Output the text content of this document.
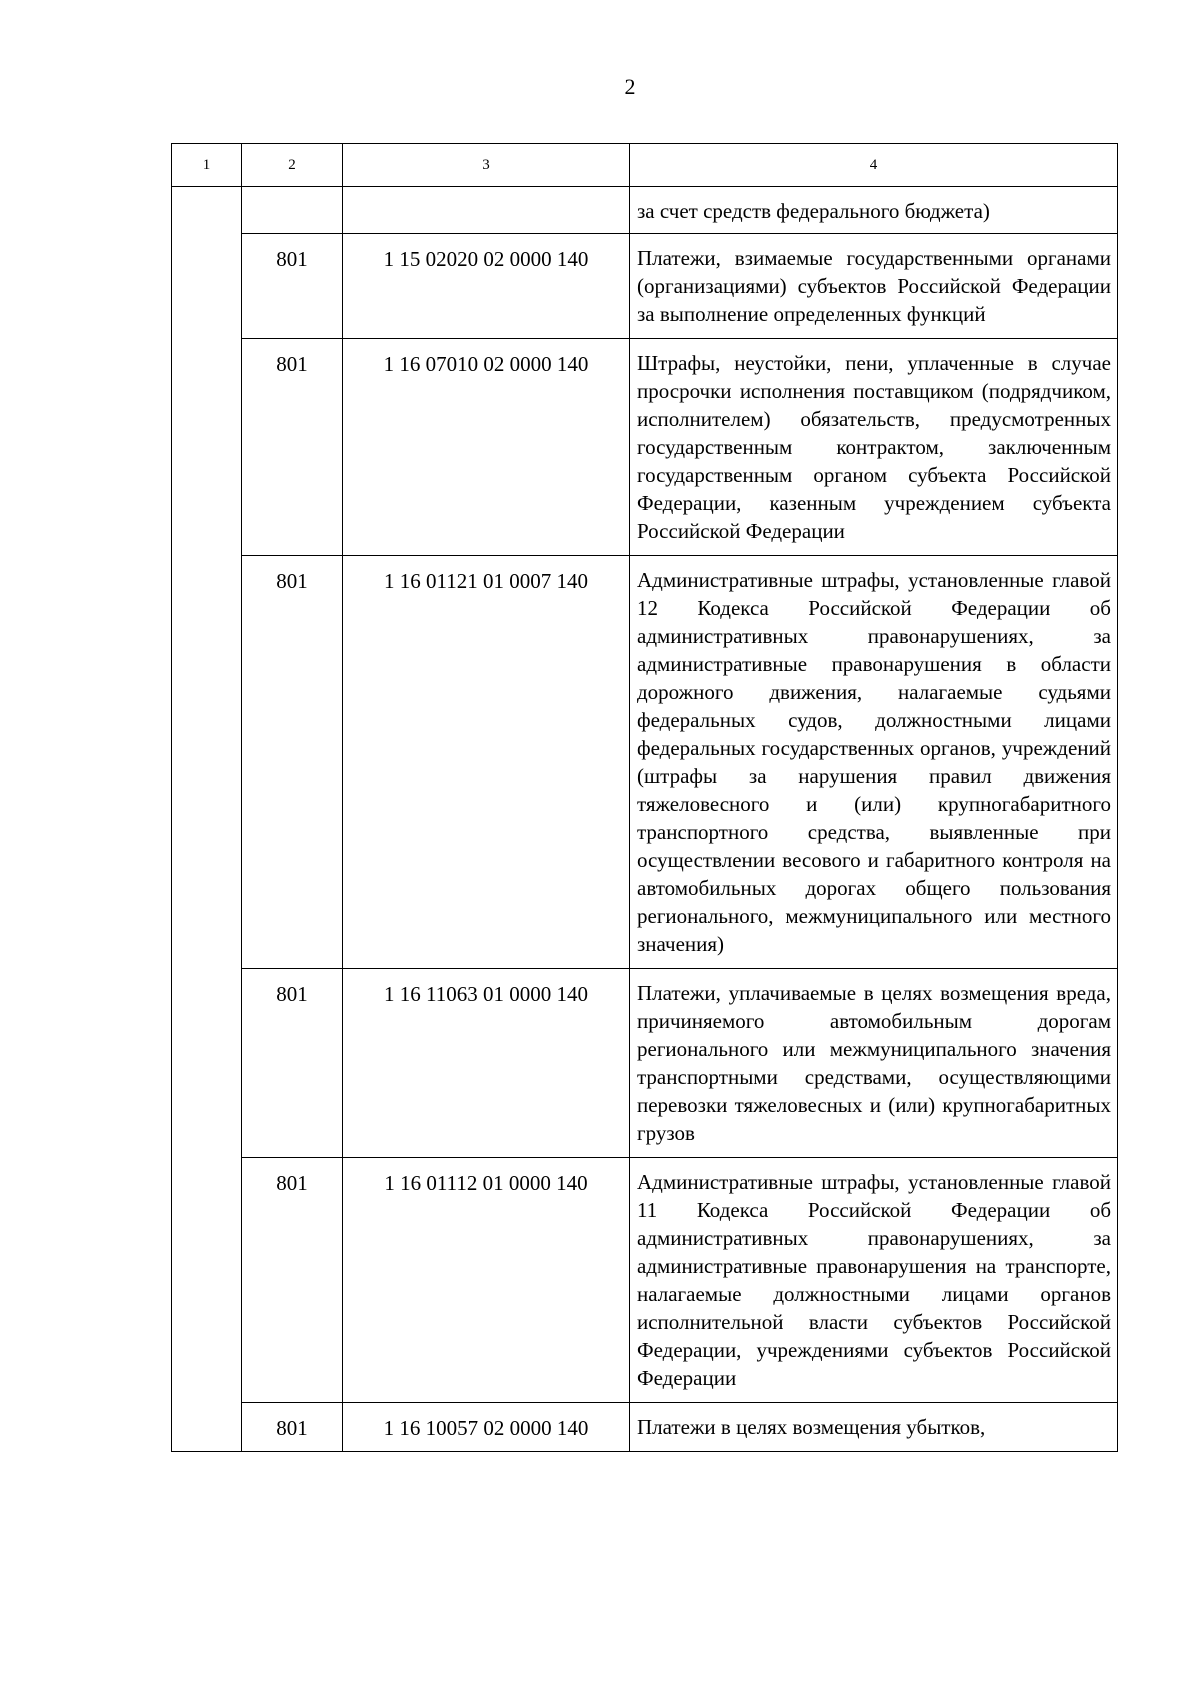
2
1	2	3	4
			за счет средств федерального бюджета)
	801	1 15 02020 02 0000 140	Платежи, взимаемые государственными органами (организациями) субъектов Российской Федерации за выполнение определенных функций
	801	1 16 07010 02 0000 140	Штрафы, неустойки, пени, уплаченные в случае просрочки исполнения поставщиком (подрядчиком, исполнителем) обязательств, предусмотренных государственным контрактом, заключенным государственным органом субъекта Российской Федерации, казенным учреждением субъекта Российской Федерации
	801	1 16 01121 01 0007 140	Административные штрафы, установленные главой 12 Кодекса Российской Федерации об административных правонарушениях, за административные правонарушения в области дорожного движения, налагаемые судьями федеральных судов, должностными лицами федеральных государственных органов, учреждений (штрафы за нарушения правил движения тяжеловесного и (или) крупногабаритного транспортного средства, выявленные при осуществлении весового и габаритного контроля на автомобильных дорогах общего пользования регионального, межмуниципального или местного значения)
	801	1 16 11063 01 0000 140	Платежи, уплачиваемые в целях возмещения вреда, причиняемого автомобильным дорогам регионального или межмуниципального значения транспортными средствами, осуществляющими перевозки тяжеловесных и (или) крупногабаритных грузов
	801	1 16 01112 01 0000 140	Административные штрафы, установленные главой 11 Кодекса Российской Федерации об административных правонарушениях, за административные правонарушения на транспорте, налагаемые должностными лицами органов исполнительной власти субъектов Российской Федерации, учреждениями субъектов Российской Федерации
	801	1 16 10057 02 0000 140	Платежи в целях возмещения убытков,
